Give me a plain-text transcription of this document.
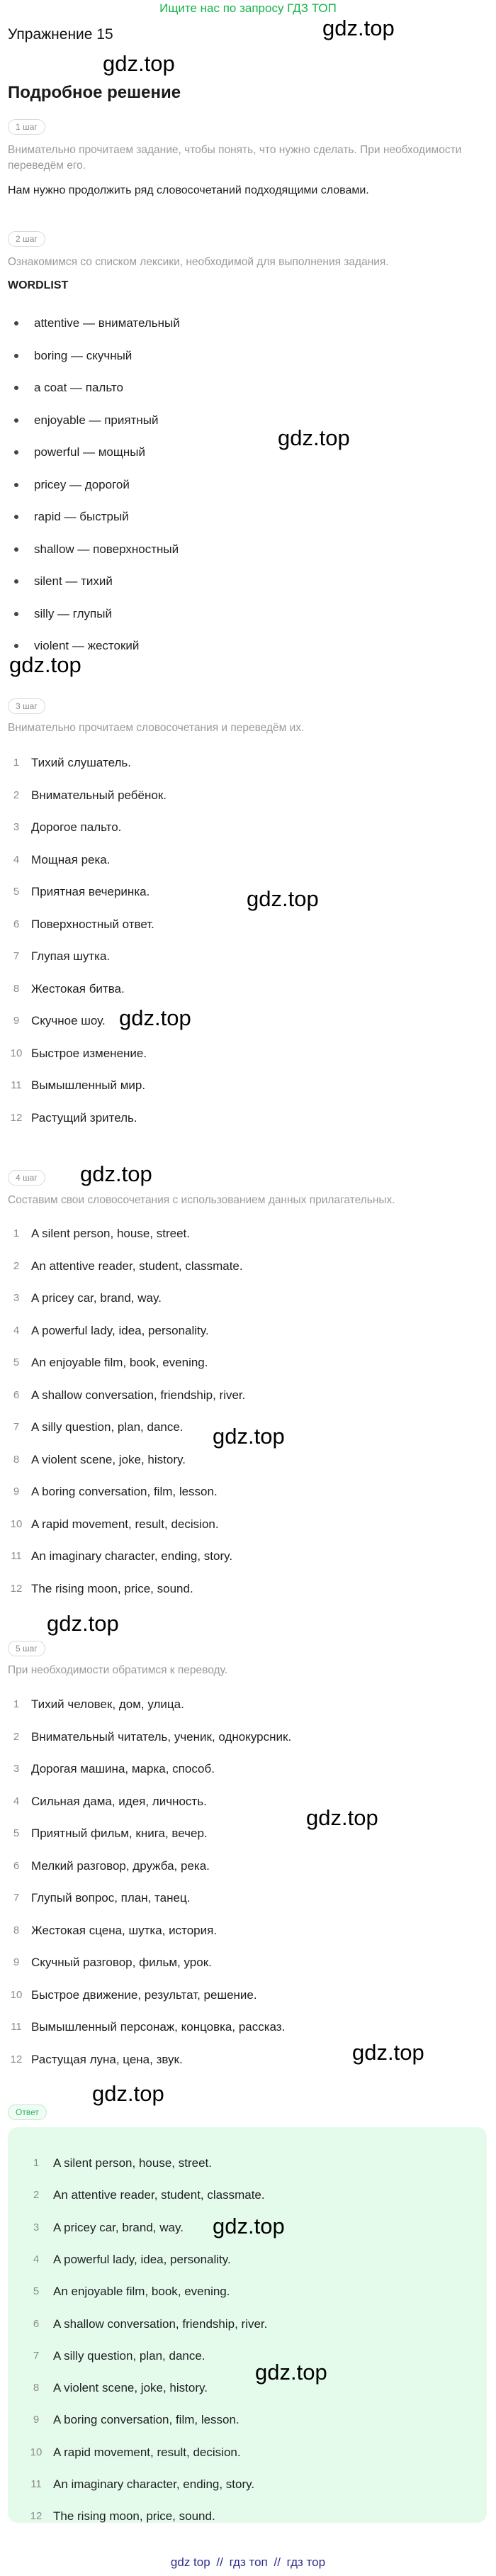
Ищите нас по запросу ГДЗ ТОП
gdz.top
Упражнение 15
gdz.top
Подробное решение
1 шаг

Внимательно прочитаем задание, чтобы понять, что нужно сделать. При необходимости переведём его.

Нам нужно продолжить ряд словосочетаний подходящими словами.

2 шаг

Ознакомимся со списком лексики, необходимой для выполнения задания.

WORDLIST
attentive — внимательный
boring — скучный
a coat — пальто
enjoyable — приятный
powerful — мощный
pricey — дорогой
rapid — быстрый
shallow — поверхностный
silent — тихий
silly — глупый
violent — жестокий
gdz.top
gdz.top
3 шаг

Внимательно прочитаем словосочетания и переведём их.

1 Тихий слушатель.
2 Внимательный ребёнок.
3 Дорогое пальто.
4 Мощная река.
5 Приятная вечеринка.
6 Поверхностный ответ.
7 Глупая шутка.
8 Жестокая битва.
9 Скучное шоу.
10 Быстрое изменение.
11 Вымышленный мир.
12 Растущий зритель.
gdz.top
gdz.top
gdz.top
4 шаг

Составим свои словосочетания с использованием данных прилагательных.

1 A silent person, house, street.
2 An attentive reader, student, classmate.
3 A pricey car, brand, way.
4 A powerful lady, idea, personality.
5 An enjoyable film, book, evening.
6 A shallow conversation, friendship, river.
7 A silly question, plan, dance.
8 A violent scene, joke, history.
9 A boring conversation, film, lesson.
10 A rapid movement, result, decision.
11 An imaginary character, ending, story.
12 The rising moon, price, sound.
gdz.top
gdz.top
5 шаг

При необходимости обратимся к переводу.

1 Тихий человек, дом, улица.
2 Внимательный читатель, ученик, однокурсник.
3 Дорогая машина, марка, способ.
4 Сильная дама, идея, личность.
5 Приятный фильм, книга, вечер.
6 Мелкий разговор, дружба, река.
7 Глупый вопрос, план, танец.
8 Жестокая сцена, шутка, история.
9 Скучный разговор, фильм, урок.
10 Быстрое движение, результат, решение.
11 Вымышленный персонаж, концовка, рассказ.
12 Растущая луна, цена, звук.
gdz.top
gdz.top
gdz.top
Ответ
1	A silent person, house, street.
2	An attentive reader, student, classmate.
3	A pricey car, brand, way.
4	A powerful lady, idea, personality.
5	An enjoyable film, book, evening.
6	A shallow conversation, friendship, river.
7	A silly question, plan, dance.
8	A violent scene, joke, history.
9	A boring conversation, film, lesson.
10 A rapid movement, result, decision.
11 An imaginary character, ending, story.
12 The rising moon, price, sound.
gdz.top
gdz.top
gdz top // гдз топ // гдз тор
